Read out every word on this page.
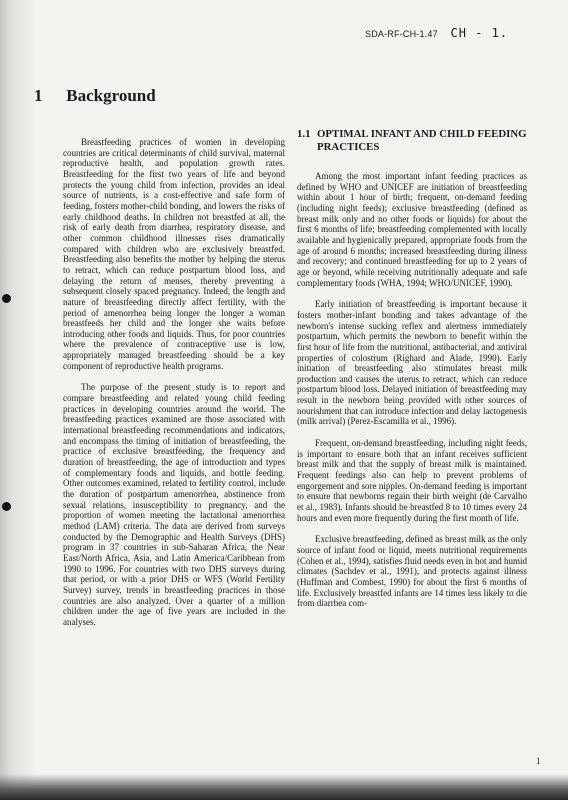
SDA-RF-CH-1.47 CH - 1.
1 Background

Breastfeeding practices of women in developing countries are critical determinants of child survival, maternal reproductive health, and population growth rates. Breastfeeding for the first two years of life and beyond protects the young child from infection, provides an ideal source of nutrients, is a cost-effective and safe form of feeding, fosters mother-child bonding, and lowers the risks of early childhood deaths. In children not breastfed at all, the risk of early death from diarrhea, respiratory disease, and other common childhood illnesses rises dramatically compared with children who are exclusively breastfed. Breastfeeding also benefits the mother by helping the uterus to retract, which can reduce postpartum blood loss, and delaying the return of menses, thereby preventing a subsequent closely spaced pregnancy. Indeed, the length and nature of breastfeeding directly affect fertility, with the period of amenorrhea being longer the longer a woman breastfeeds her child and the longer she waits before introducing other foods and liquids. Thus, for poor countries where the prevalence of contraceptive use is low, appropriately managed breastfeeding should be a key component of reproductive health programs.

The purpose of the present study is to report and compare breastfeeding and related young child feeding practices in developing countries around the world. The breastfeeding practices examined are those associated with international breastfeeding recommendations and indicators, and encompass the timing of initiation of breastfeeding, the practice of exclusive breastfeeding, the frequency and duration of breastfeeding, the age of introduction and types of complementary foods and liquids, and bottle feeding. Other outcomes examined, related to fertility control, include the duration of postpartum amenorrhea, abstinence from sexual relations, insusceptibility to pregnancy, and the proportion of women meeting the lactational amenorrhea method (LAM) criteria. The data are derived from surveys conducted by the Demographic and Health Surveys (DHS) program in 37 countries in sub-Saharan Africa, the Near East/North Africa, Asia, and Latin America/Caribbean from 1990 to 1996. For countries with two DHS surveys during that period, or with a prior DHS or WFS (World Fertility Survey) survey, trends in breastfeeding practices in those countries are also analyzed. Over a quarter of a million children under the age of five years are included in the analyses.

1.1 OPTIMAL INFANT AND CHILD FEEDING PRACTICES

Among the most important infant feeding practices as defined by WHO and UNICEF are initiation of breastfeeding within about 1 hour of birth; frequent, on-demand feeding (including night feeds); exclusive breastfeeding (defined as breast milk only and no other foods or liquids) for about the first 6 months of life; breastfeeding complemented with locally available and hygienically prepared, appropriate foods from the age of around 6 months; increased breastfeeding during illness and recovery; and continued breastfeeding for up to 2 years of age or beyond, while receiving nutritionally adequate and safe complementary foods (WHA, 1994; WHO/UNICEF, 1990).

Early initiation of breastfeeding is important because it fosters mother-infant bonding and takes advantage of the newborn's intense sucking reflex and alertness immediately postpartum, which permits the newborn to benefit within the first hour of life from the nutritional, antibacterial, and antiviral properties of colostrum (Righard and Alade, 1990). Early initiation of breastfeeding also stimulates breast milk production and causes the uterus to retract, which can reduce postpartum blood loss. Delayed initiation of breastfeeding may result in the newborn being provided with other sources of nourishment that can introduce infection and delay lactogenesis (milk arrival) (Perez-Escamilla et al., 1996).

Frequent, on-demand breastfeeding, including night feeds, is important to ensure both that an infant receives sufficient breast milk and that the supply of breast milk is maintained. Frequent feedings also can help to prevent problems of engorgement and sore nipples. On-demand feeding is important to ensure that newborns regain their birth weight (de Carvalho et al., 1983). Infants should be breastfed 8 to 10 times every 24 hours and even more frequently during the first month of life.

Exclusive breastfeeding, defined as breast milk as the only source of infant food or liquid, meets nutritional requirements (Cohen et al., 1994), satisfies fluid needs even in hot and humid climates (Sachdev et al., 1991), and protects against illness (Huffman and Combest, 1990) for about the first 6 months of life. Exclusively breastfed infants are 14 times less likely to die from diarrhea com-

1
